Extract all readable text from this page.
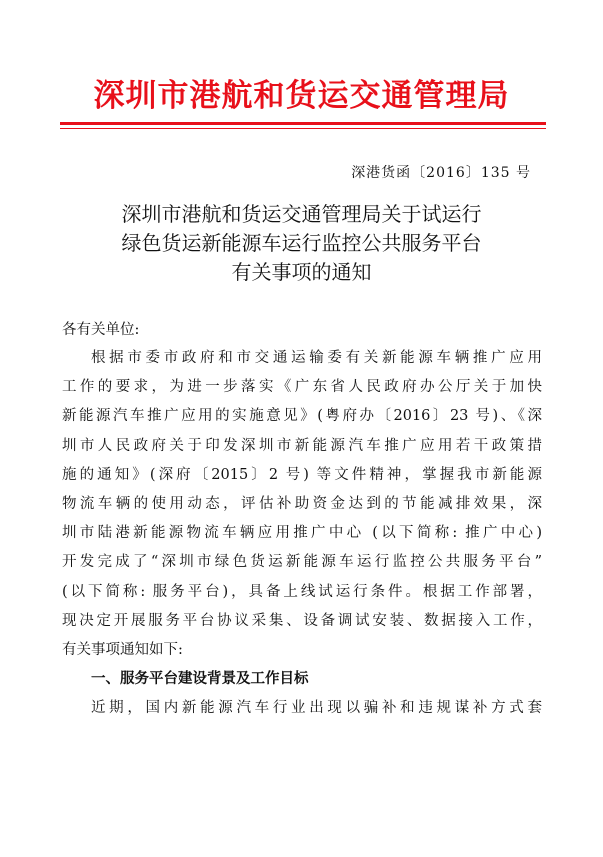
深圳市港航和货运交通管理局
深港货函〔2016〕135 号
深圳市港航和货运交通管理局关于试运行
绿色货运新能源车运行监控公共服务平台
有关事项的通知
各有关单位:
根据市委市政府和市交通运输委有关新能源车辆推广应用
工作的要求，为进一步落实《广东省人民政府办公厅关于加快
新能源汽车推广应用的实施意见》(粤府办〔2016〕23 号)、《深
圳市人民政府关于印发深圳市新能源汽车推广应用若干政策措
施的通知》(深府〔2015〕2 号) 等文件精神，掌握我市新能源
物流车辆的使用动态，评估补助资金达到的节能减排效果，深
圳市陆港新能源物流车辆应用推广中心 (以下简称: 推广中心)
开发完成了“深圳市绿色货运新能源车运行监控公共服务平台”
(以下简称: 服务平台)，具备上线试运行条件。根据工作部署，
现决定开展服务平台协议采集、设备调试安装、数据接入工作，
有关事项通知如下:
一、服务平台建设背景及工作目标
近期，国内新能源汽车行业出现以骗补和违规谋补方式套
